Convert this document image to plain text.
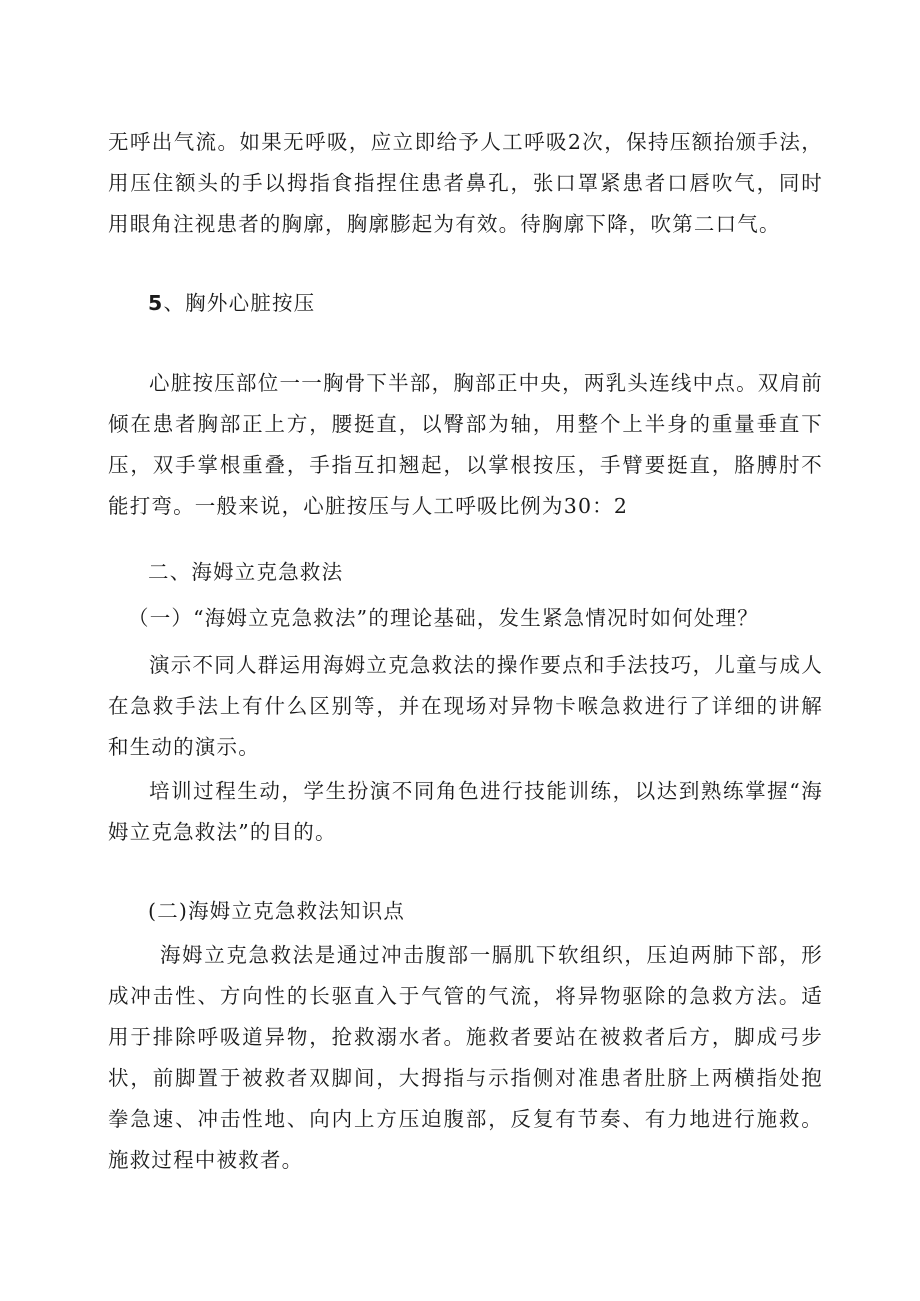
无呼出气流。如果无呼吸，应立即给予人工呼吸2次，保持压额抬颁手法，用压住额头的手以拇指食指捏住患者鼻孔，张口罩紧患者口唇吹气，同时用眼角注视患者的胸廓，胸廓膨起为有效。待胸廓下降，吹第二口气。

5、胸外心脏按压

心脏按压部位一一胸骨下半部，胸部正中央，两乳头连线中点。双肩前倾在患者胸部正上方，腰挺直，以臀部为轴，用整个上半身的重量垂直下压，双手掌根重叠，手指互扣翘起，以掌根按压，手臂要挺直，胳膊肘不能打弯。一般来说，心脏按压与人工呼吸比例为30：2

二、海姆立克急救法

（一）“海姆立克急救法”的理论基础，发生紧急情况时如何处理？

演示不同人群运用海姆立克急救法的操作要点和手法技巧，儿童与成人在急救手法上有什么区别等，并在现场对异物卡喉急救进行了详细的讲解和生动的演示。

培训过程生动，学生扮演不同角色进行技能训练，以达到熟练掌握“海姆立克急救法”的目的。

(二)海姆立克急救法知识点

海姆立克急救法是通过冲击腹部一膈肌下软组织，压迫两肺下部，形成冲击性、方向性的长驱直入于气管的气流，将异物驱除的急救方法。适用于排除呼吸道异物，抢救溺水者。施救者要站在被救者后方，脚成弓步状，前脚置于被救者双脚间，大拇指与示指侧对准患者肚脐上两横指处抱拳急速、冲击性地、向内上方压迫腹部，反复有节奏、有力地进行施救。施救过程中被救者。
